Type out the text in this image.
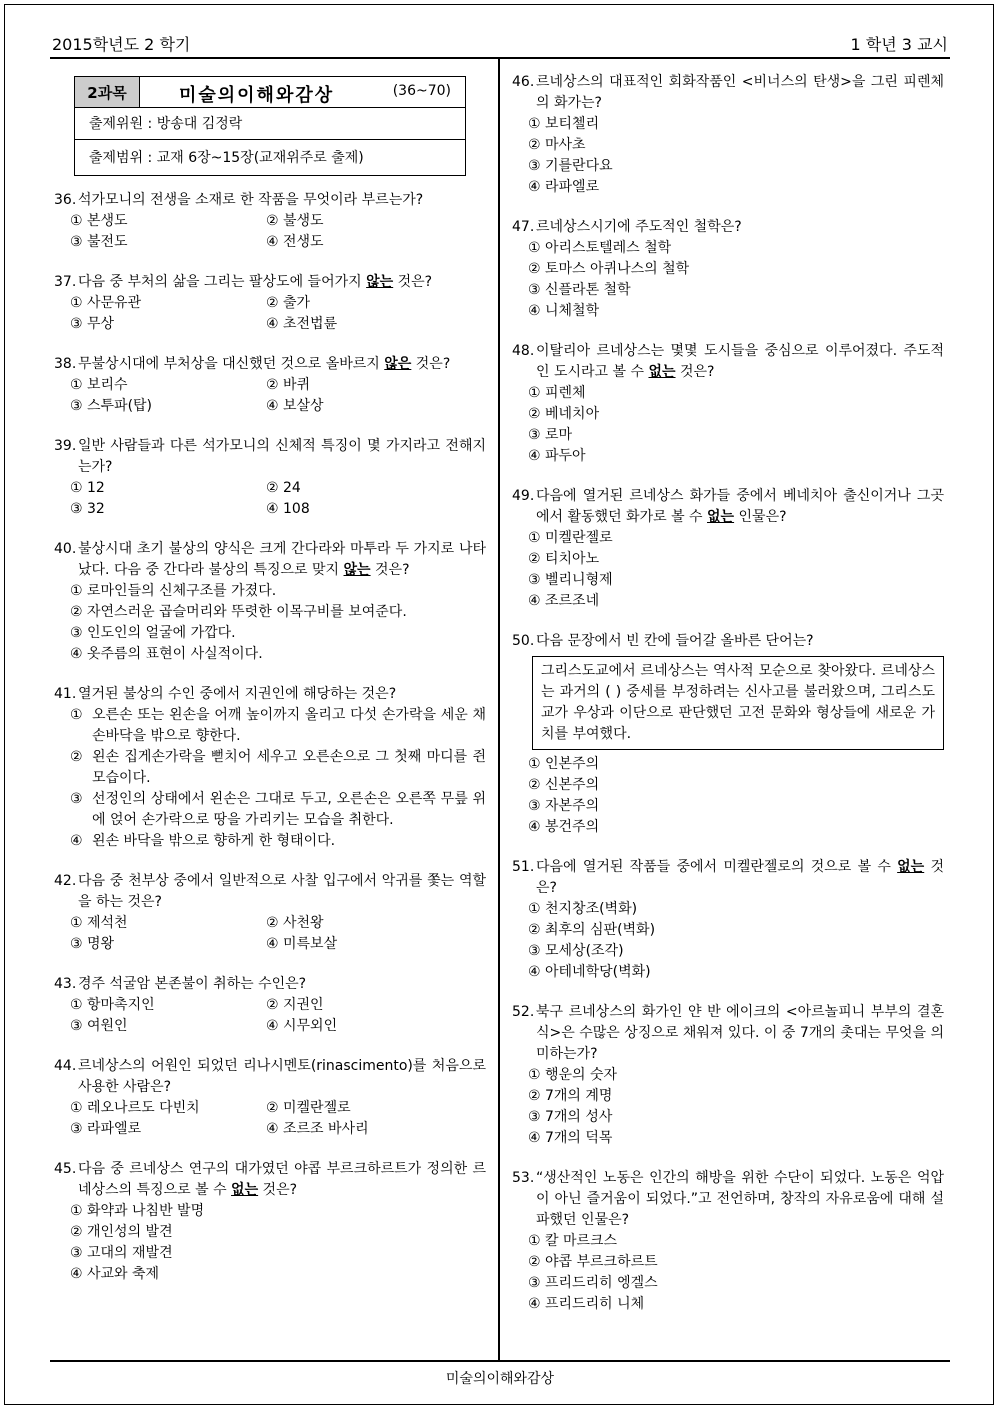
2015학년도 2 학기	1 학년 3 교시
미술의이해와감상
2과목	미술의이해와감상	(36~70)
출제위원 : 방송대 김정락
출제범위 : 교재 6장~15장(교재위주로 출제)
36. 석가모니의 전생을 소재로 한 작품을 무엇이라 부르는가?
① 본생도	② 불생도
③ 불전도	④ 전생도
37. 다음 중 부처의 삶을 그리는 팔상도에 들어가지 않는 것은?
① 사문유관	② 출가
③ 무상	④ 초전법륜
38. 무불상시대에 부처상을 대신했던 것으로 올바르지 않은 것은?
① 보리수	② 바퀴
③ 스투파(탑)	④ 보살상
39. 일반 사람들과 다른 석가모니의 신체적 특징이 몇 가지라고 전해지는가?
① 12	② 24
③ 32	④ 108
40. 불상시대 초기 불상의 양식은 크게 간다라와 마투라 두 가지로 나타났다. 다음 중 간다라 불상의 특징으로 맞지 않는 것은?
① 로마인들의 신체구조를 가졌다.
② 자연스러운 곱슬머리와 뚜렷한 이목구비를 보여준다.
③ 인도인의 얼굴에 가깝다.
④ 옷주름의 표현이 사실적이다.
41. 열거된 불상의 수인 중에서 지권인에 해당하는 것은?
① 오른손 또는 왼손을 어깨 높이까지 올리고 다섯 손가락을 세운 채 손바닥을 밖으로 향한다.
② 왼손 집게손가락을 뻗치어 세우고 오른손으로 그 첫째 마디를 쥔 모습이다.
③ 선정인의 상태에서 왼손은 그대로 두고, 오른손은 오른쪽 무릎 위에 얹어 손가락으로 땅을 가리키는 모습을 취한다.
④ 왼손 바닥을 밖으로 향하게 한 형태이다.
42. 다음 중 천부상 중에서 일반적으로 사찰 입구에서 악귀를 쫓는 역할을 하는 것은?
① 제석천	② 사천왕
③ 명왕	④ 미륵보살
43. 경주 석굴암 본존불이 취하는 수인은?
① 항마촉지인	② 지권인
③ 여원인	④ 시무외인
44. 르네상스의 어원인 되었던 리나시멘토(rinascimento)를 처음으로 사용한 사람은?
① 레오나르도 다빈치	② 미켈란젤로
③ 라파엘로	④ 조르조 바사리
45. 다음 중 르네상스 연구의 대가였던 야콥 부르크하르트가 정의한 르네상스의 특징으로 볼 수 없는 것은?
① 화약과 나침반 발명
② 개인성의 발견
③ 고대의 재발견
④ 사교와 축제
46. 르네상스의 대표적인 회화작품인 <비너스의 탄생>을 그린 피렌체의 화가는?
① 보티첼리
② 마사초
③ 기를란다요
④ 라파엘로
47. 르네상스시기에 주도적인 철학은?
① 아리스토텔레스 철학
② 토마스 아퀴나스의 철학
③ 신플라톤 철학
④ 니체철학
48. 이탈리아 르네상스는 몇몇 도시들을 중심으로 이루어졌다. 주도적인 도시라고 볼 수 없는 것은?
① 피렌체
② 베네치아
③ 로마
④ 파두아
49. 다음에 열거된 르네상스 화가들 중에서 베네치아 출신이거나 그곳에서 활동했던 화가로 볼 수 없는 인물은?
① 미켈란젤로
② 티치아노
③ 벨리니형제
④ 조르조네
50. 다음 문장에서 빈 칸에 들어갈 올바른 단어는?
그리스도교에서 르네상스는 역사적 모순으로 찾아왔다. 르네상스는 과거의 ( ) 중세를 부정하려는 신사고를 불러왔으며, 그리스도교가 우상과 이단으로 판단했던 고전 문화와 형상들에 새로운 가치를 부여했다.
① 인본주의
② 신본주의
③ 자본주의
④ 봉건주의
51. 다음에 열거된 작품들 중에서 미켈란젤로의 것으로 볼 수 없는 것은?
① 천지창조(벽화)
② 최후의 심판(벽화)
③ 모세상(조각)
④ 아테네학당(벽화)
52. 북구 르네상스의 화가인 얀 반 에이크의 <아르놀피니 부부의 결혼식>은 수많은 상징으로 채워져 있다. 이 중 7개의 촛대는 무엇을 의미하는가?
① 행운의 숫자
② 7개의 계명
③ 7개의 성사
④ 7개의 덕목
53. “생산적인 노동은 인간의 해방을 위한 수단이 되었다. 노동은 억압이 아닌 즐거움이 되었다.”고 전언하며, 창작의 자유로움에 대해 설파했던 인물은?
① 칼 마르크스
② 야콥 부르크하르트
③ 프리드리히 엥겔스
④ 프리드리히 니체
